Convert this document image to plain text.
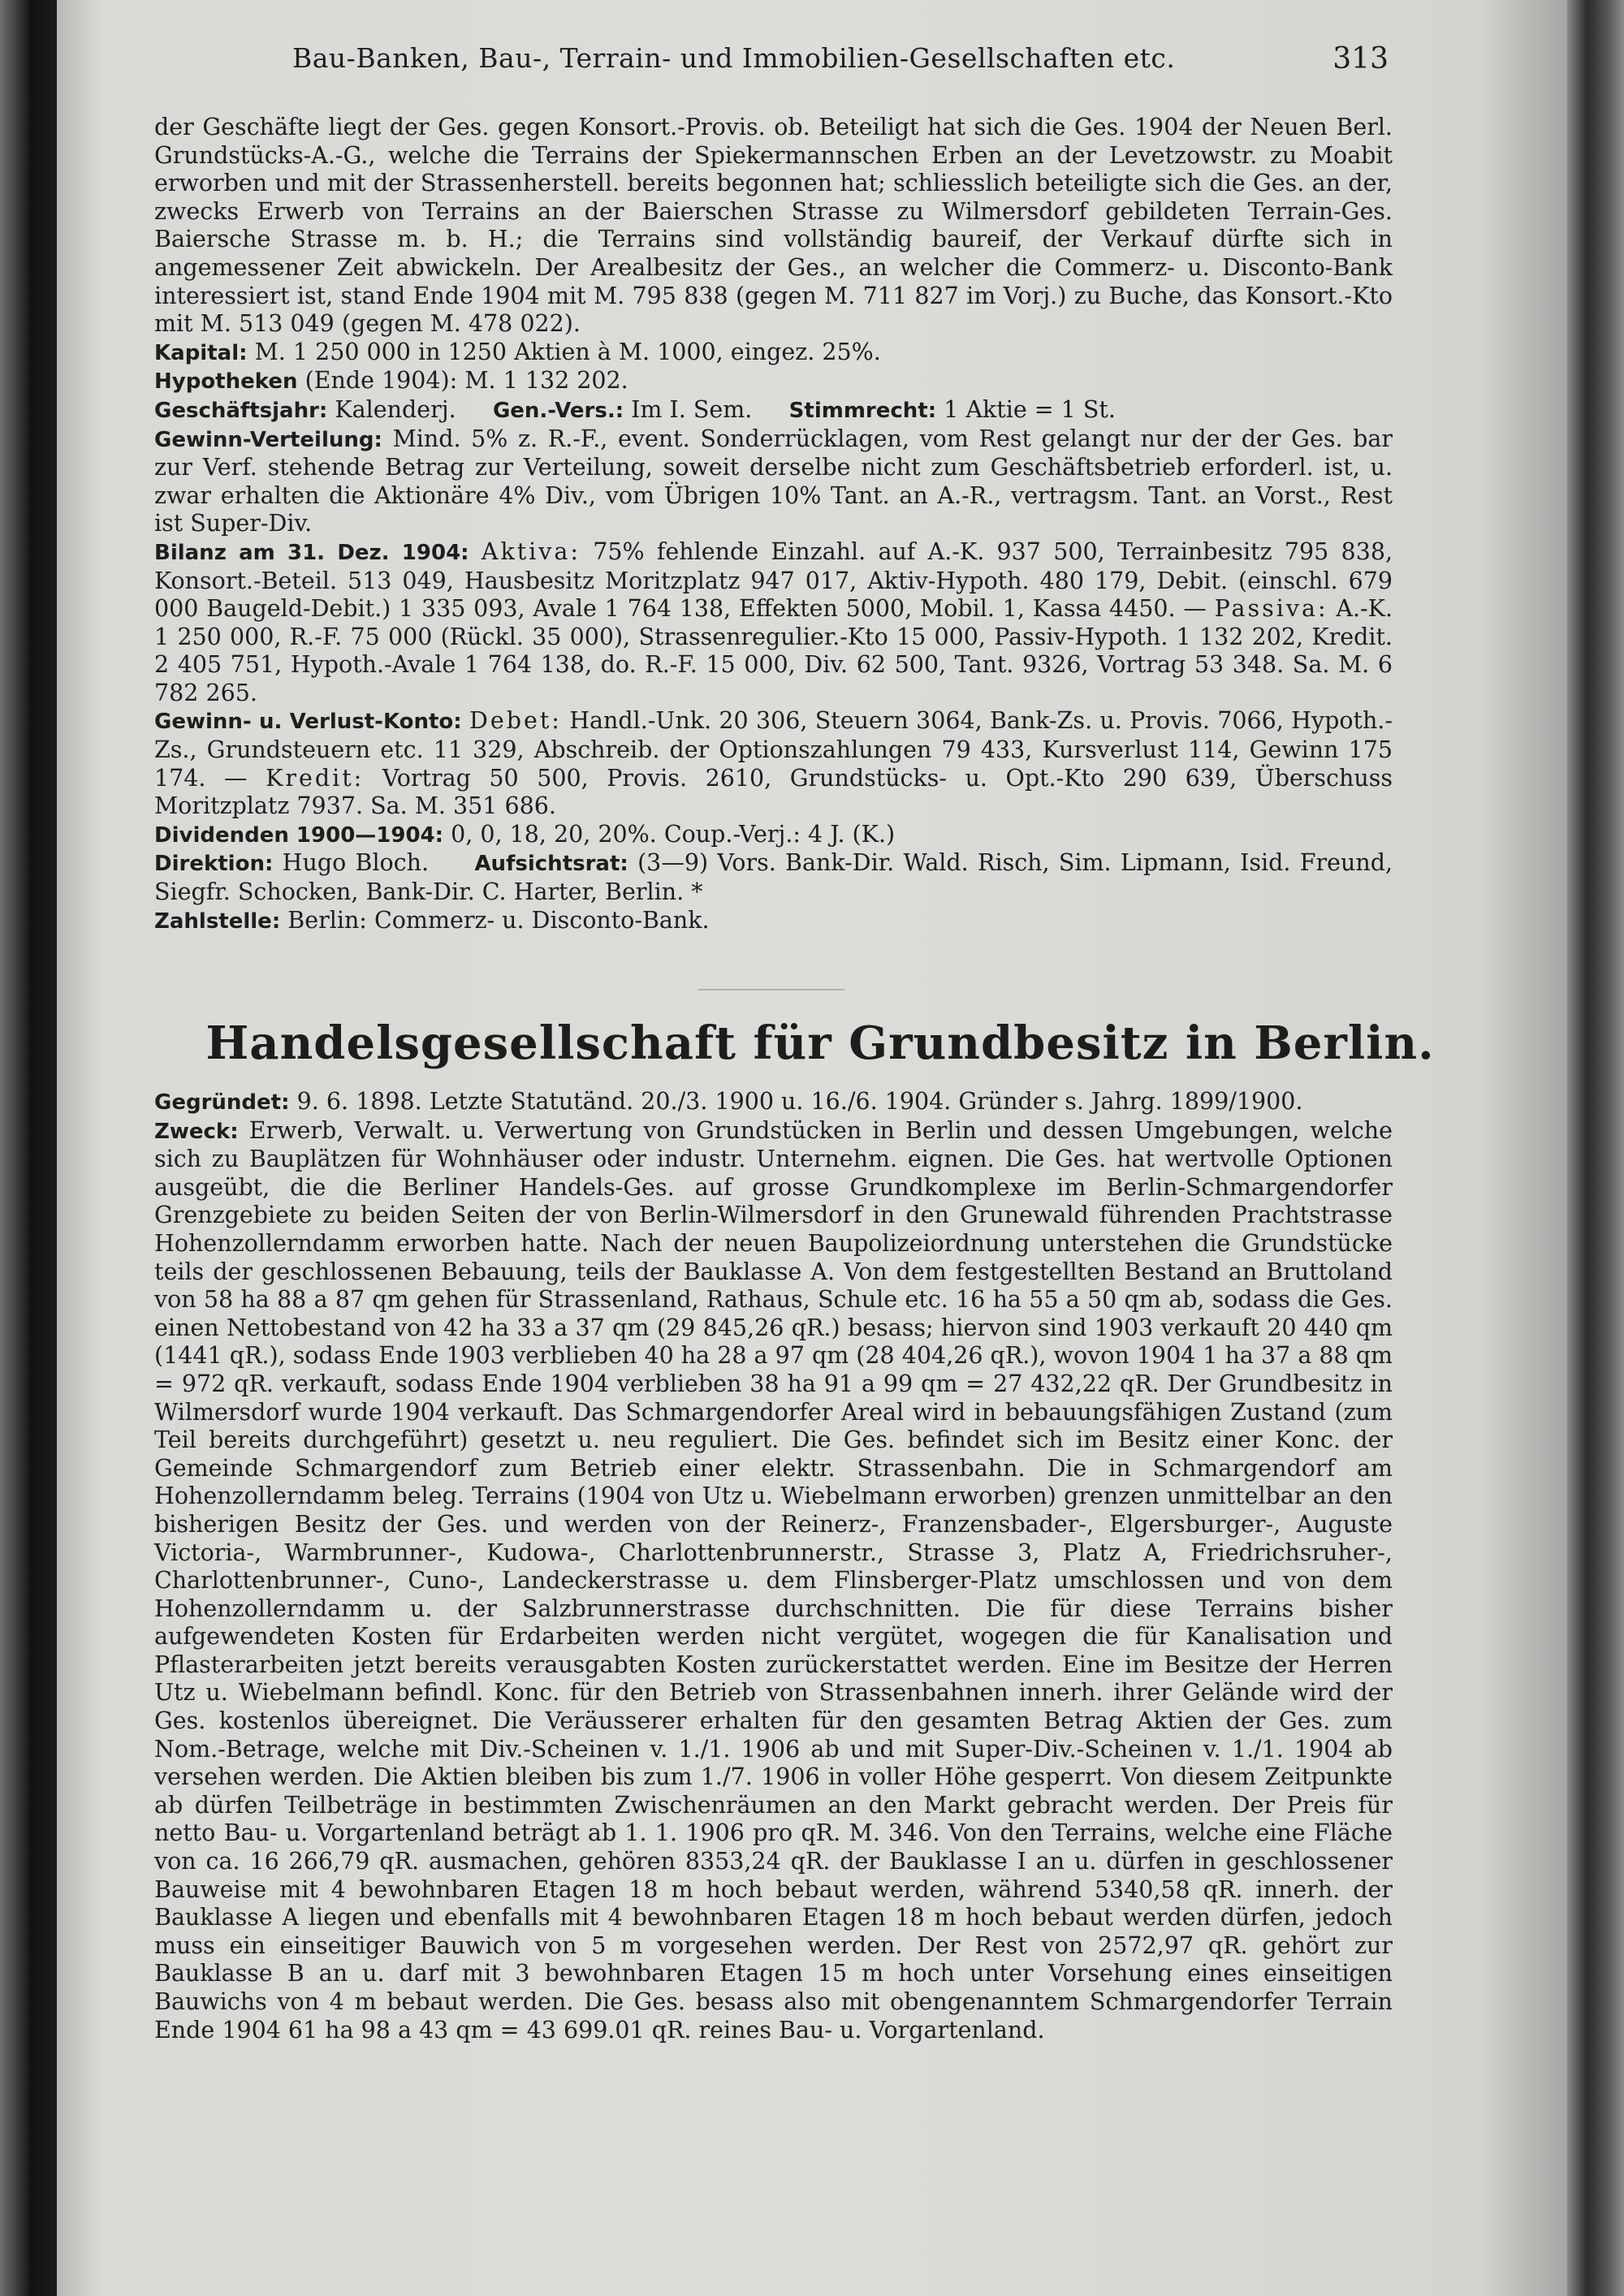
Bau-Banken, Bau-, Terrain- und Immobilien-Gesellschaften etc.	313

der Geschäfte liegt der Ges. gegen Konsort.-Provis. ob. Beteiligt hat sich die Ges. 1904 der Neuen Berl. Grundstücks-A.-G., welche die Terrains der Spiekermannschen Erben an der Levetzowstr. zu Moabit erworben und mit der Strassenherstell. bereits begonnen hat; schliesslich beteiligte sich die Ges. an der, zwecks Erwerb von Terrains an der Baierschen Strasse zu Wilmersdorf gebildeten Terrain-Ges. Baiersche Strasse m. b. H.; die Terrains sind vollständig baureif, der Verkauf dürfte sich in angemessener Zeit abwickeln. Der Arealbesitz der Ges., an welcher die Commerz- u. Disconto-Bank interessiert ist, stand Ende 1904 mit M. 795 838 (gegen M. 711 827 im Vorj.) zu Buche, das Konsort.-Kto mit M. 513 049 (gegen M. 478 022).

Kapital: M. 1 250 000 in 1250 Aktien à M. 1000, eingez. 25%.

Hypotheken (Ende 1904): M. 1 132 202.

Geschäftsjahr: Kalenderj. Gen.-Vers.: Im I. Sem. Stimmrecht: 1 Aktie = 1 St.

Gewinn-Verteilung: Mind. 5% z. R.-F., event. Sonderrücklagen, vom Rest gelangt nur der der Ges. bar zur Verf. stehende Betrag zur Verteilung, soweit derselbe nicht zum Geschäftsbetrieb erforderl. ist, u. zwar erhalten die Aktionäre 4% Div., vom Übrigen 10% Tant. an A.-R., vertragsm. Tant. an Vorst., Rest ist Super-Div.

Bilanz am 31. Dez. 1904: Aktiva: 75% fehlende Einzahl. auf A.-K. 937 500, Terrainbesitz 795 838, Konsort.-Beteil. 513 049, Hausbesitz Moritzplatz 947 017, Aktiv-Hypoth. 480 179, Debit. (einschl. 679 000 Baugeld-Debit.) 1 335 093, Avale 1 764 138, Effekten 5000, Mobil. 1, Kassa 4450. — Passiva: A.-K. 1 250 000, R.-F. 75 000 (Rückl. 35 000), Strassenregulier.-Kto 15 000, Passiv-Hypoth. 1 132 202, Kredit. 2 405 751, Hypoth.-Avale 1 764 138, do. R.-F. 15 000, Div. 62 500, Tant. 9326, Vortrag 53 348. Sa. M. 6 782 265.

Gewinn- u. Verlust-Konto: Debet: Handl.-Unk. 20 306, Steuern 3064, Bank-Zs. u. Provis. 7066, Hypoth.-Zs., Grundsteuern etc. 11 329, Abschreib. der Optionszahlungen 79 433, Kursverlust 114, Gewinn 175 174. — Kredit: Vortrag 50 500, Provis. 2610, Grundstücks- u. Opt.-Kto 290 639, Überschuss Moritzplatz 7937. Sa. M. 351 686.

Dividenden 1900—1904: 0, 0, 18, 20, 20%. Coup.-Verj.: 4 J. (K.)

Direktion: Hugo Bloch. Aufsichtsrat: (3—9) Vors. Bank-Dir. Wald. Risch, Sim. Lipmann, Isid. Freund, Siegfr. Schocken, Bank-Dir. C. Harter, Berlin. *

Zahlstelle: Berlin: Commerz- u. Disconto-Bank.

Handelsgesellschaft für Grundbesitz in Berlin.

Gegründet: 9. 6. 1898. Letzte Statutänd. 20./3. 1900 u. 16./6. 1904. Gründer s. Jahrg. 1899/1900.

Zweck: Erwerb, Verwalt. u. Verwertung von Grundstücken in Berlin und dessen Umgebungen, welche sich zu Bauplätzen für Wohnhäuser oder industr. Unternehm. eignen. Die Ges. hat wertvolle Optionen ausgeübt, die die Berliner Handels-Ges. auf grosse Grundkomplexe im Berlin-Schmargendorfer Grenzgebiete zu beiden Seiten der von Berlin-Wilmersdorf in den Grunewald führenden Prachtstrasse Hohenzollerndamm erworben hatte. Nach der neuen Baupolizeiordnung unterstehen die Grundstücke teils der geschlossenen Bebauung, teils der Bauklasse A. Von dem festgestellten Bestand an Bruttoland von 58 ha 88 a 87 qm gehen für Strassenland, Rathaus, Schule etc. 16 ha 55 a 50 qm ab, sodass die Ges. einen Nettobestand von 42 ha 33 a 37 qm (29 845,26 qR.) besass; hiervon sind 1903 verkauft 20 440 qm (1441 qR.), sodass Ende 1903 verblieben 40 ha 28 a 97 qm (28 404,26 qR.), wovon 1904 1 ha 37 a 88 qm = 972 qR. verkauft, sodass Ende 1904 verblieben 38 ha 91 a 99 qm = 27 432,22 qR. Der Grundbesitz in Wilmersdorf wurde 1904 verkauft. Das Schmargendorfer Areal wird in bebauungsfähigen Zustand (zum Teil bereits durchgeführt) gesetzt u. neu reguliert. Die Ges. befindet sich im Besitz einer Konc. der Gemeinde Schmargendorf zum Betrieb einer elektr. Strassenbahn. Die in Schmargendorf am Hohenzollerndamm beleg. Terrains (1904 von Utz u. Wiebelmann erworben) grenzen unmittelbar an den bisherigen Besitz der Ges. und werden von der Reinerz-, Franzensbader-, Elgersburger-, Auguste Victoria-, Warmbrunner-, Kudowa-, Charlottenbrunnerstr., Strasse 3, Platz A, Friedrichsruher-, Charlottenbrunner-, Cuno-, Landeckerstrasse u. dem Flinsberger-Platz umschlossen und von dem Hohenzollerndamm u. der Salzbrunnerstrasse durchschnitten. Die für diese Terrains bisher aufgewendeten Kosten für Erdarbeiten werden nicht vergütet, wogegen die für Kanalisation und Pflasterarbeiten jetzt bereits verausgabten Kosten zurückerstattet werden. Eine im Besitze der Herren Utz u. Wiebelmann befindl. Konc. für den Betrieb von Strassenbahnen innerh. ihrer Gelände wird der Ges. kostenlos übereignet. Die Veräusserer erhalten für den gesamten Betrag Aktien der Ges. zum Nom.-Betrage, welche mit Div.-Scheinen v. 1./1. 1906 ab und mit Super-Div.-Scheinen v. 1./1. 1904 ab versehen werden. Die Aktien bleiben bis zum 1./7. 1906 in voller Höhe gesperrt. Von diesem Zeitpunkte ab dürfen Teilbeträge in bestimmten Zwischenräumen an den Markt gebracht werden. Der Preis für netto Bau- u. Vorgartenland beträgt ab 1. 1. 1906 pro qR. M. 346. Von den Terrains, welche eine Fläche von ca. 16 266,79 qR. ausmachen, gehören 8353,24 qR. der Bauklasse I an u. dürfen in geschlossener Bauweise mit 4 bewohnbaren Etagen 18 m hoch bebaut werden, während 5340,58 qR. innerh. der Bauklasse A liegen und ebenfalls mit 4 bewohnbaren Etagen 18 m hoch bebaut werden dürfen, jedoch muss ein einseitiger Bauwich von 5 m vorgesehen werden. Der Rest von 2572,97 qR. gehört zur Bauklasse B an u. darf mit 3 bewohnbaren Etagen 15 m hoch unter Vorsehung eines einseitigen Bauwichs von 4 m bebaut werden. Die Ges. besass also mit obengenanntem Schmargendorfer Terrain Ende 1904 61 ha 98 a 43 qm = 43 699.01 qR. reines Bau- u. Vorgartenland.
